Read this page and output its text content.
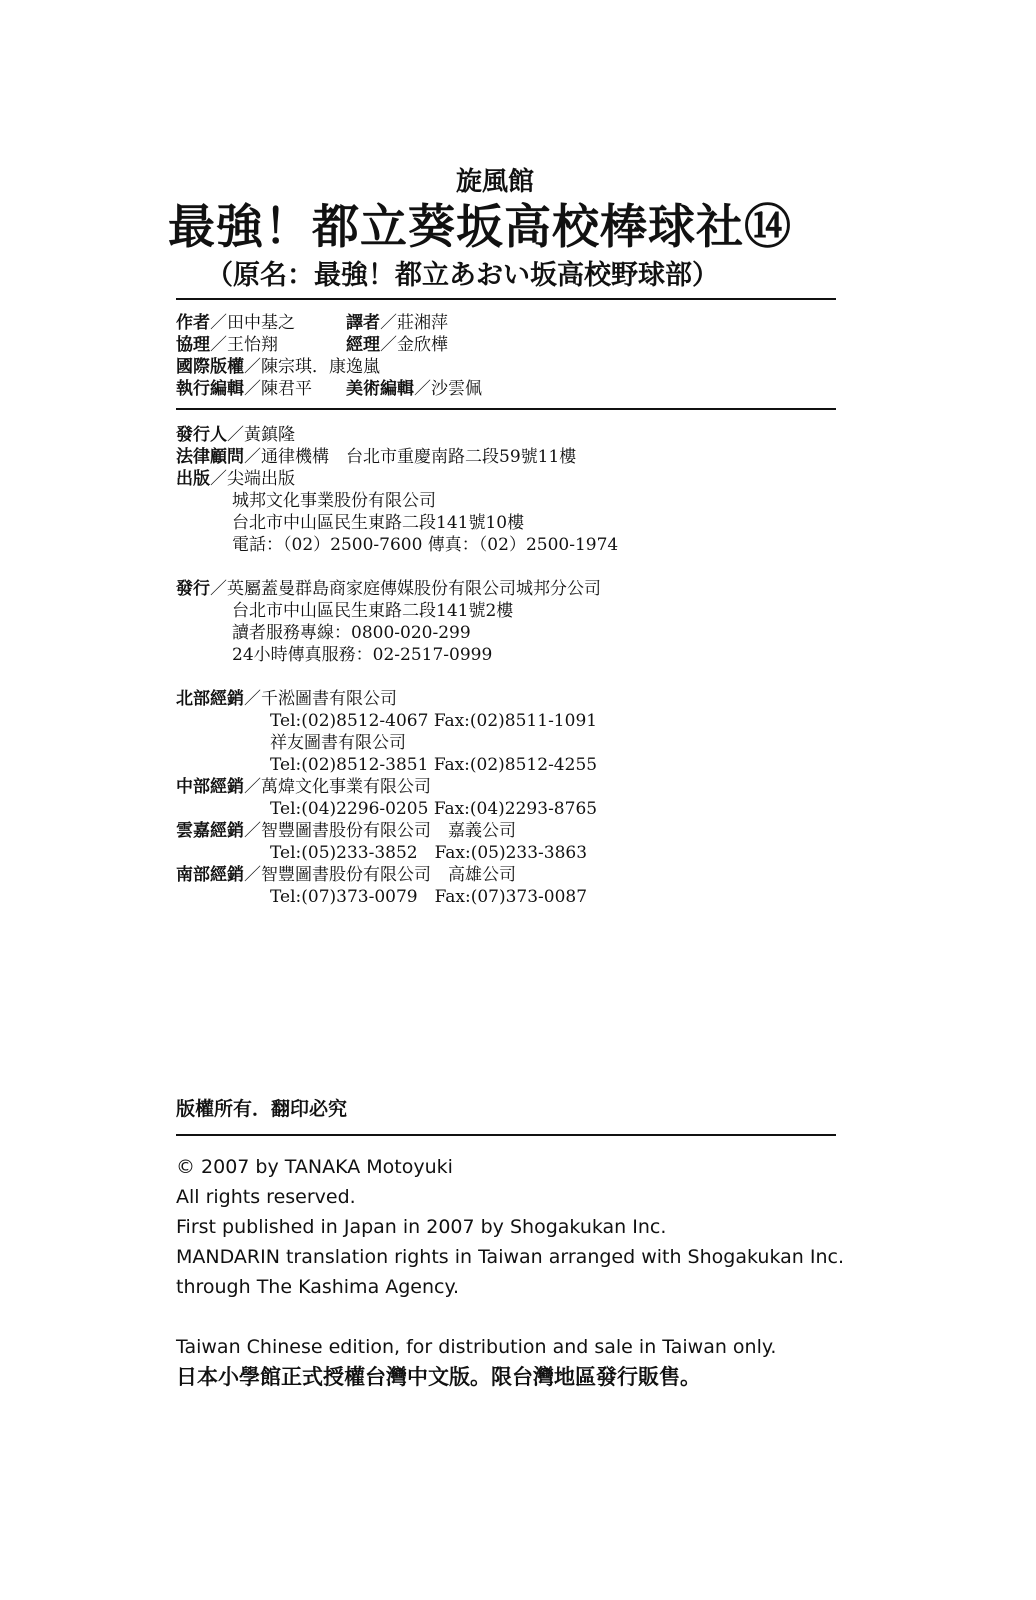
旋風館
最強！都立葵坂高校棒球社⑭
（原名：最強！都立あおい坂高校野球部）
作者／田中基之	譯者／莊湘萍
協理／王怡翔	經理／金欣樺
國際版權／陳宗琪．康逸嵐
執行編輯／陳君平 美術編輯／沙雲佩
發行人／黃鎮隆
法律顧問／通律機構　台北市重慶南路二段59號11樓
出版／尖端出版
城邦文化事業股份有限公司
台北市中山區民生東路二段141號10樓
電話：（02）2500-7600 傳真：（02）2500-1974
發行／英屬蓋曼群島商家庭傳媒股份有限公司城邦分公司
台北市中山區民生東路二段141號2樓
讀者服務專線：0800-020-299
24小時傳真服務：02-2517-0999
北部經銷／千淞圖書有限公司
Tel:(02)8512-4067 Fax:(02)8511-1091
祥友圖書有限公司
Tel:(02)8512-3851 Fax:(02)8512-4255
中部經銷／萬煒文化事業有限公司
Tel:(04)2296-0205 Fax:(04)2293-8765
雲嘉經銷／智豐圖書股份有限公司　嘉義公司
Tel:(05)233-3852　Fax:(05)233-3863
南部經銷／智豐圖書股份有限公司　高雄公司
Tel:(07)373-0079　Fax:(07)373-0087
版權所有．翻印必究
© 2007 by TANAKA Motoyuki
All rights reserved.
First published in Japan in 2007 by Shogakukan Inc.
MANDARIN translation rights in Taiwan arranged with Shogakukan Inc.
through The Kashima Agency.
Taiwan Chinese edition, for distribution and sale in Taiwan only.
日本小學館正式授權台灣中文版。限台灣地區發行販售。
